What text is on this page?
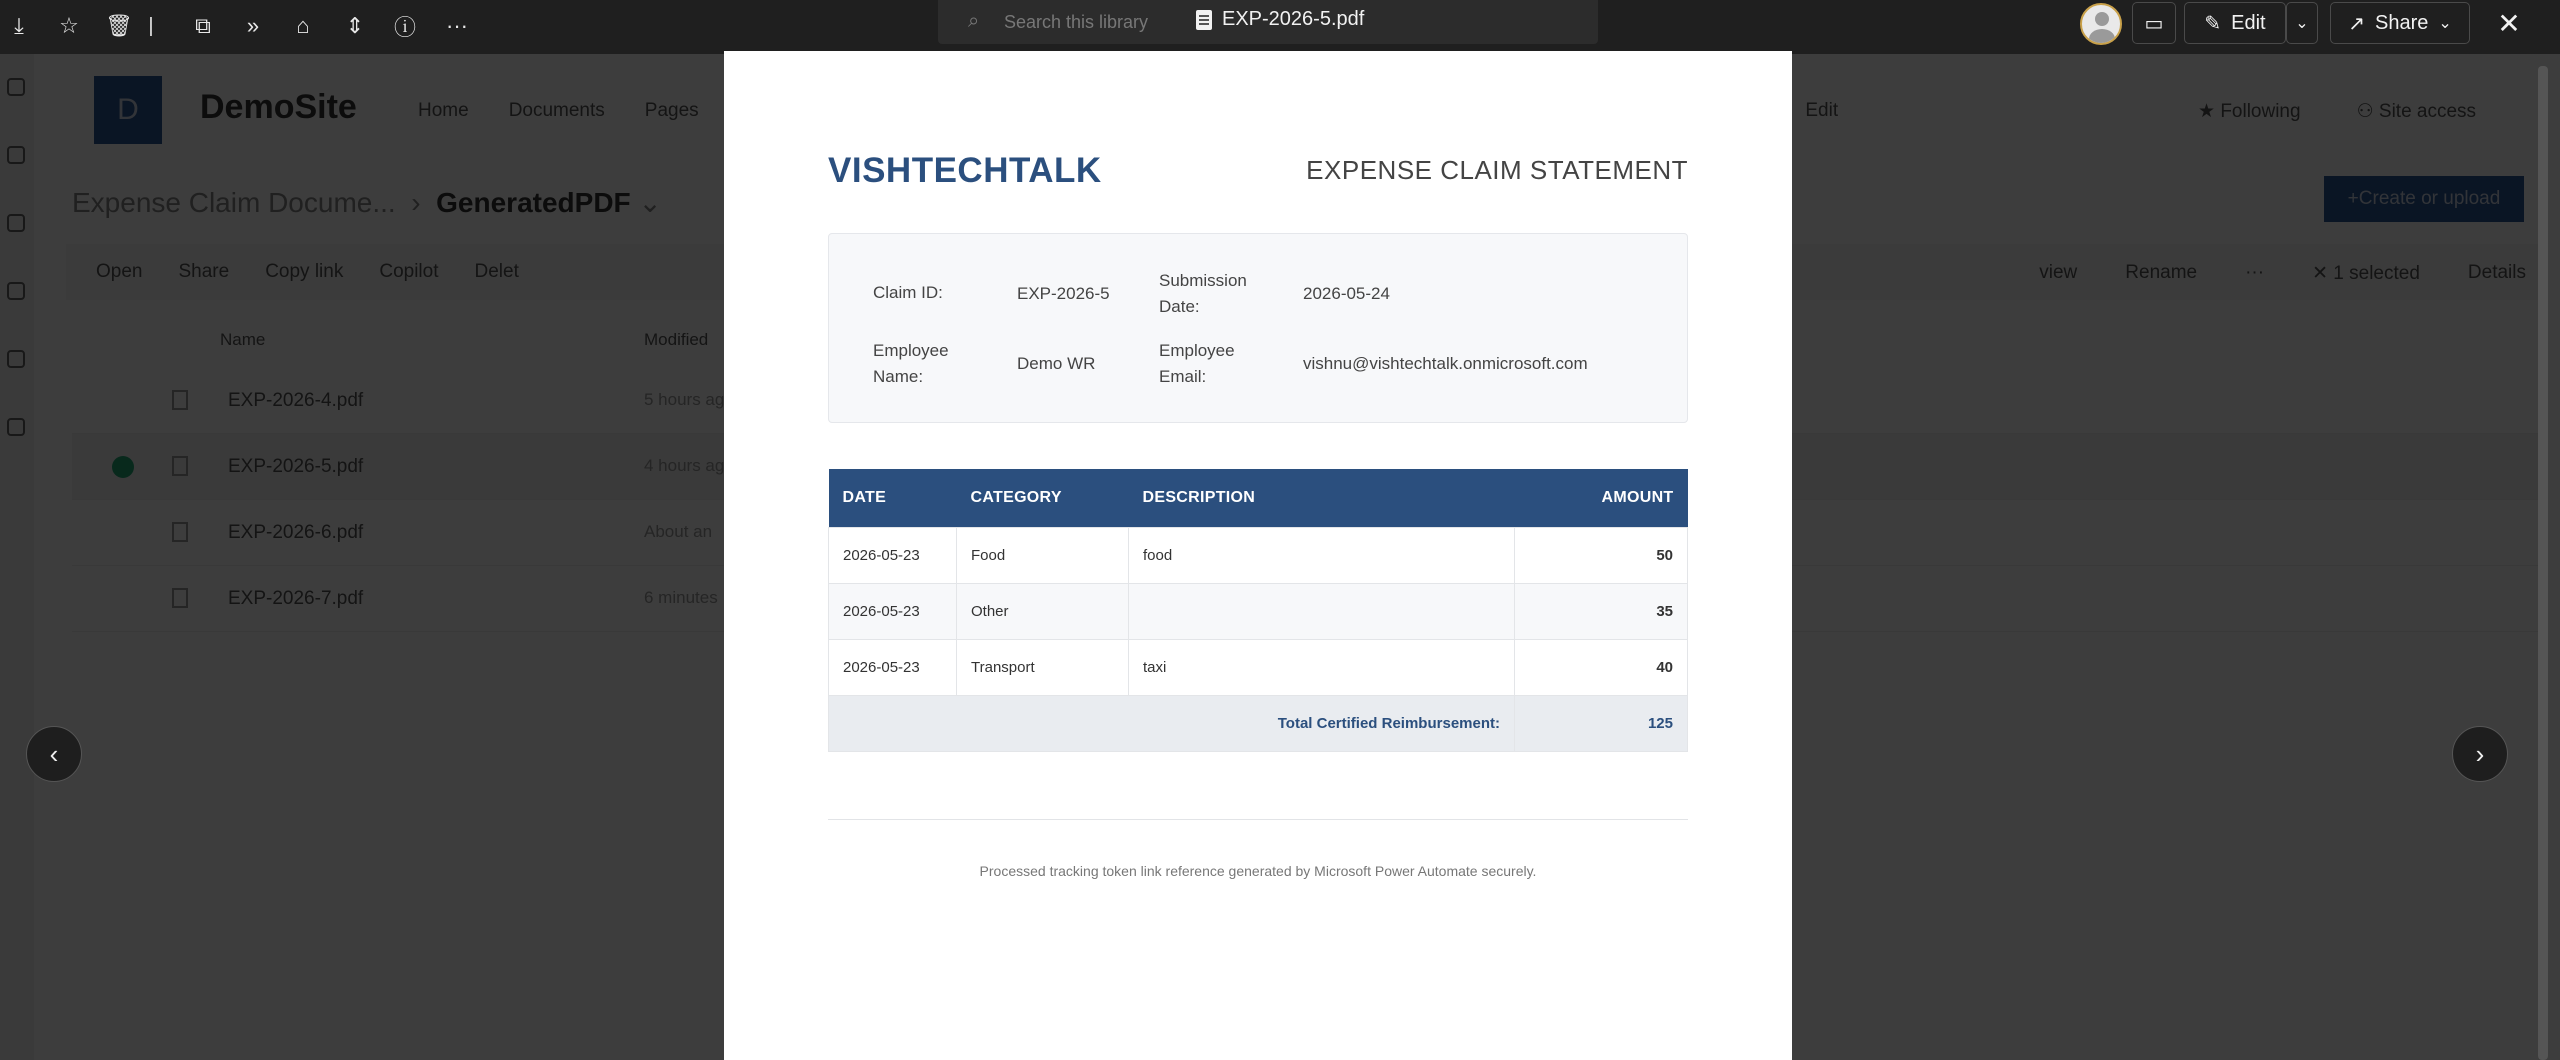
⤓	☆ 🗑 |	⧉	»	⌂	⇕ ⓘ ···	⌕ Search this library	EXP-2026-5.pdf	▭ ✎ Edit ⌄ ↗ Share ⌄ ✕
‹	›
VISHTECHTALK	EXPENSE CLAIM STATEMENT
Claim ID:	EXP-2026-5
Submission Date:
2026-05-24
Employee Name:
Demo WR
Employee Email:
vishnu@vishtechtalk.onmicrosoft.com
DATE	CATEGORY	DESCRIPTION	AMOUNT
2026-05-23	Food	food	50
2026-05-23	Other		35
2026-05-23	Transport	taxi	40
Total Certified Reimbursement:			125
Processed tracking token link reference generated by Microsoft Power Automate securely.
